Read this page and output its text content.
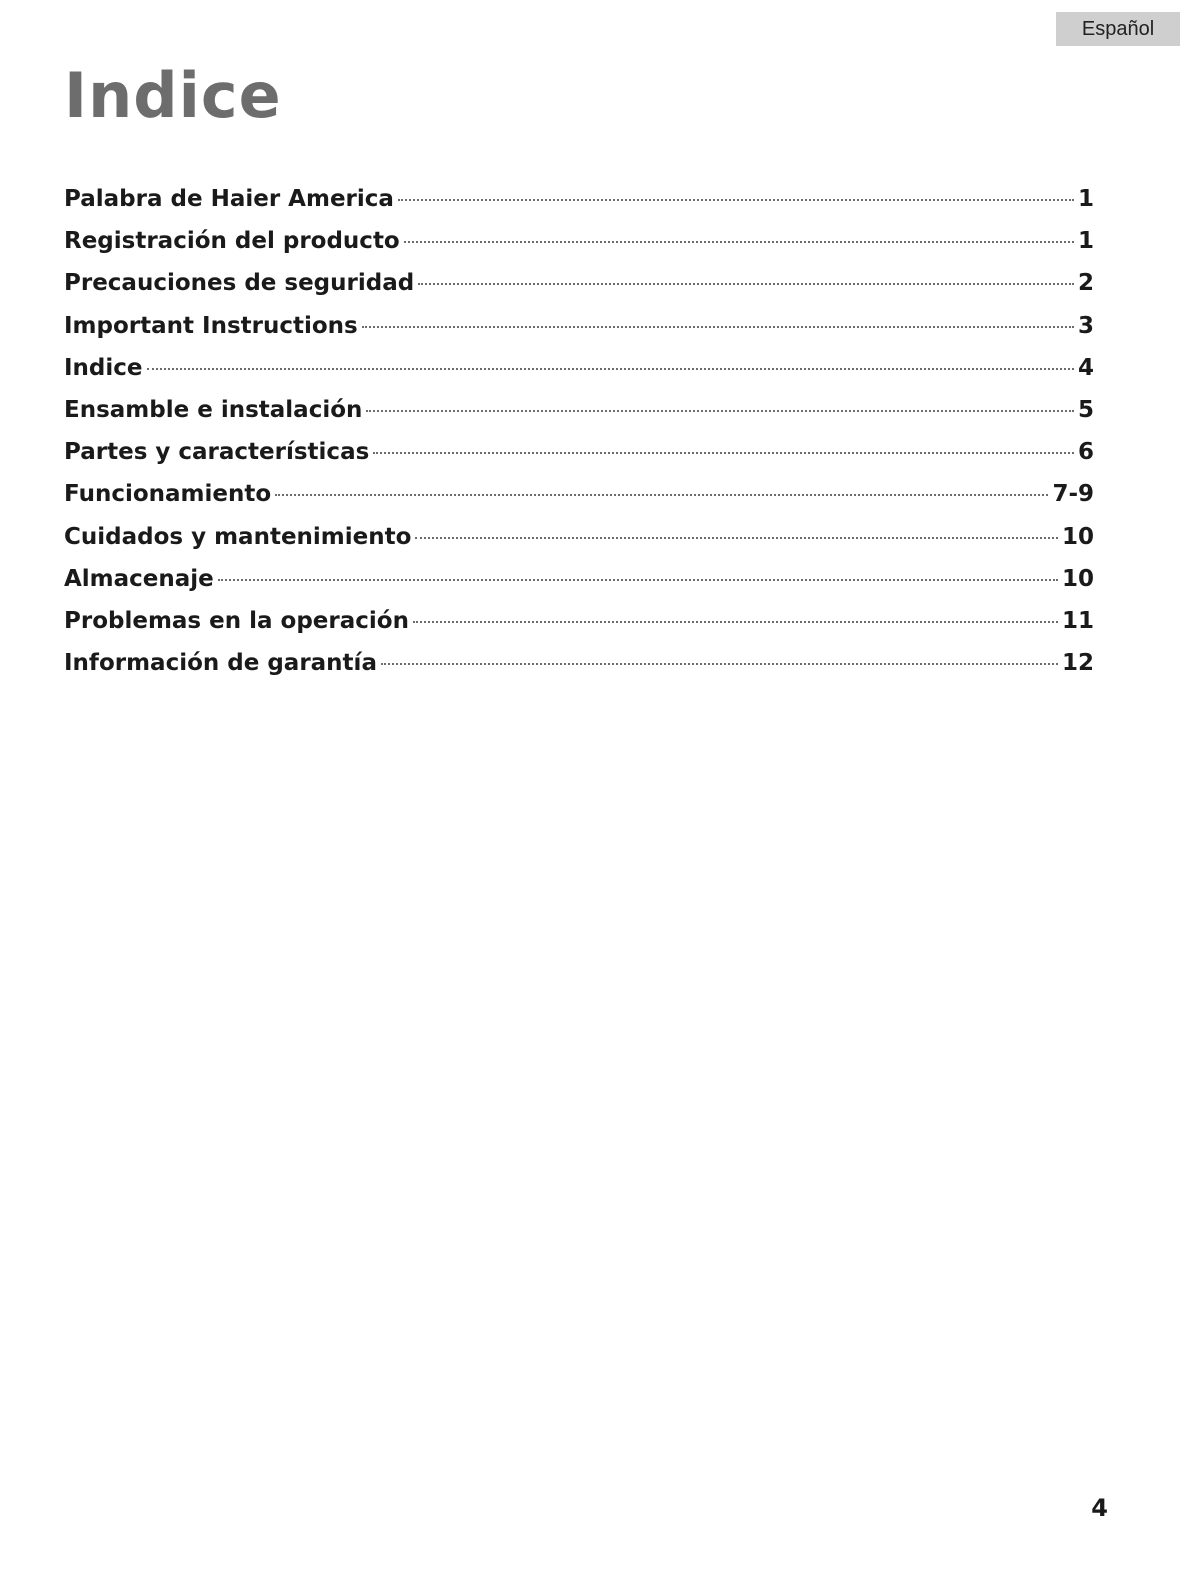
Español
Indice
Palabra de Haier America	1
Registración del producto	1
Precauciones de seguridad	2
Important Instructions	3
Indice	4
Ensamble e instalación	5
Partes y características	6
Funcionamiento	7-9
Cuidados y mantenimiento	10
Almacenaje	10
Problemas en la operación	11
Información de garantía	12
4
